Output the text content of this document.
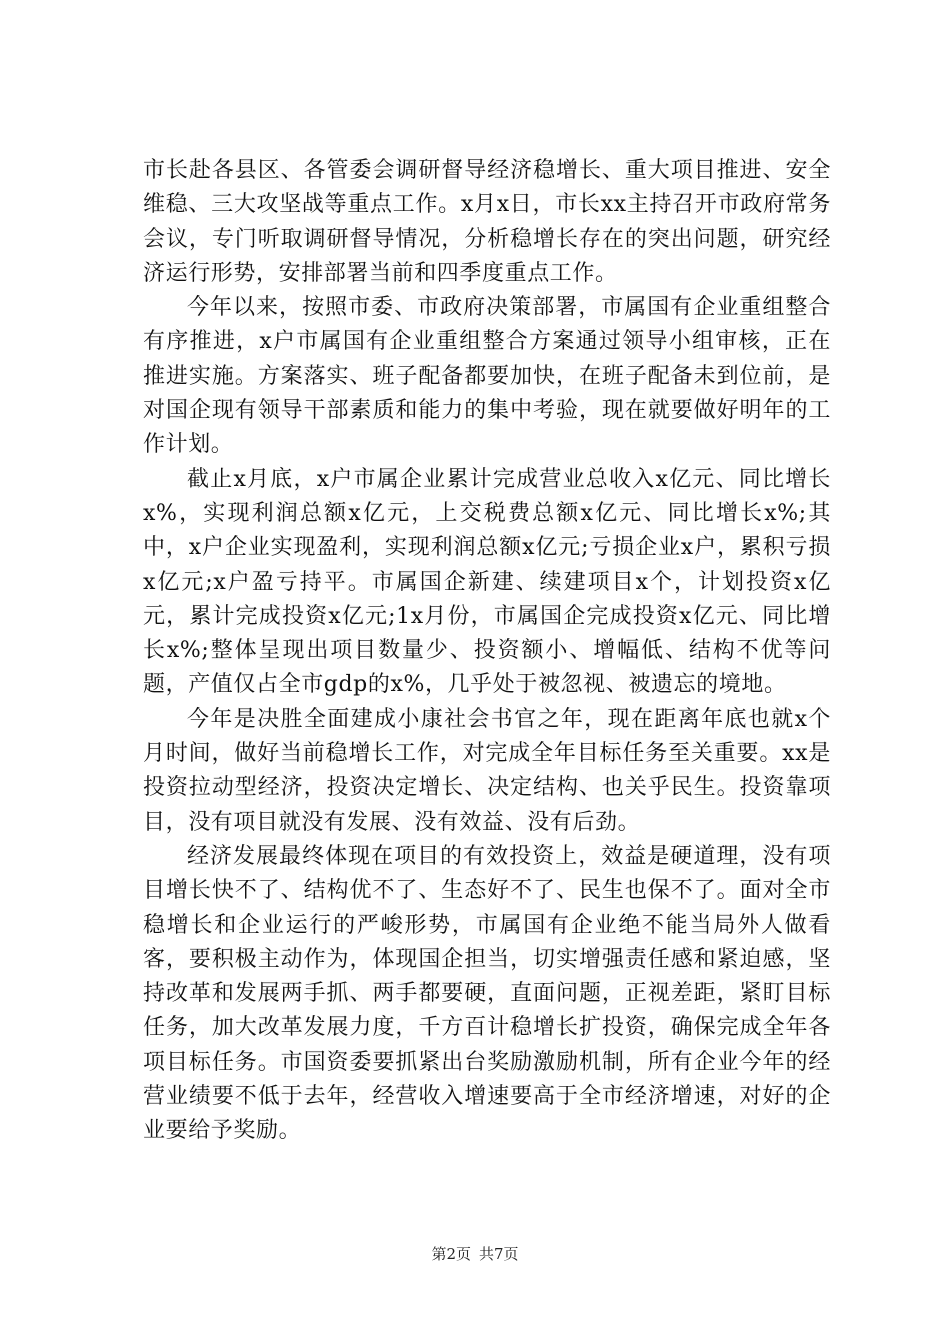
市长赴各县区、各管委会调研督导经济稳增长、重大项目推进、安全维稳、三大攻坚战等重点工作。x月x日，市长xx主持召开市政府常务会议，专门听取调研督导情况，分析稳增长存在的突出问题，研究经济运行形势，安排部署当前和四季度重点工作。

今年以来，按照市委、市政府决策部署，市属国有企业重组整合有序推进，x户市属国有企业重组整合方案通过领导小组审核，正在推进实施。方案落实、班子配备都要加快，在班子配备未到位前，是对国企现有领导干部素质和能力的集中考验，现在就要做好明年的工作计划。

截止x月底，x户市属企业累计完成营业总收入x亿元、同比增长x%，实现利润总额x亿元，上交税费总额x亿元、同比增长x%;其中，x户企业实现盈利，实现利润总额x亿元;亏损企业x户，累积亏损x亿元;x户盈亏持平。市属国企新建、续建项目x个，计划投资x亿元，累计完成投资x亿元;1x月份，市属国企完成投资x亿元、同比增长x%;整体呈现出项目数量少、投资额小、增幅低、结构不优等问题，产值仅占全市gdp的x%，几乎处于被忽视、被遗忘的境地。

今年是决胜全面建成小康社会书官之年，现在距离年底也就x个月时间，做好当前稳增长工作，对完成全年目标任务至关重要。xx是投资拉动型经济，投资决定增长、决定结构、也关乎民生。投资靠项目，没有项目就没有发展、没有效益、没有后劲。

经济发展最终体现在项目的有效投资上，效益是硬道理，没有项目增长快不了、结构优不了、生态好不了、民生也保不了。面对全市稳增长和企业运行的严峻形势，市属国有企业绝不能当局外人做看客，要积极主动作为，体现国企担当，切实增强责任感和紧迫感，坚持改革和发展两手抓、两手都要硬，直面问题，正视差距，紧盯目标任务，加大改革发展力度，千方百计稳增长扩投资，确保完成全年各项目标任务。市国资委要抓紧出台奖励激励机制，所有企业今年的经营业绩要不低于去年，经营收入增速要高于全市经济增速，对好的企业要给予奖励。

第2页 共7页
